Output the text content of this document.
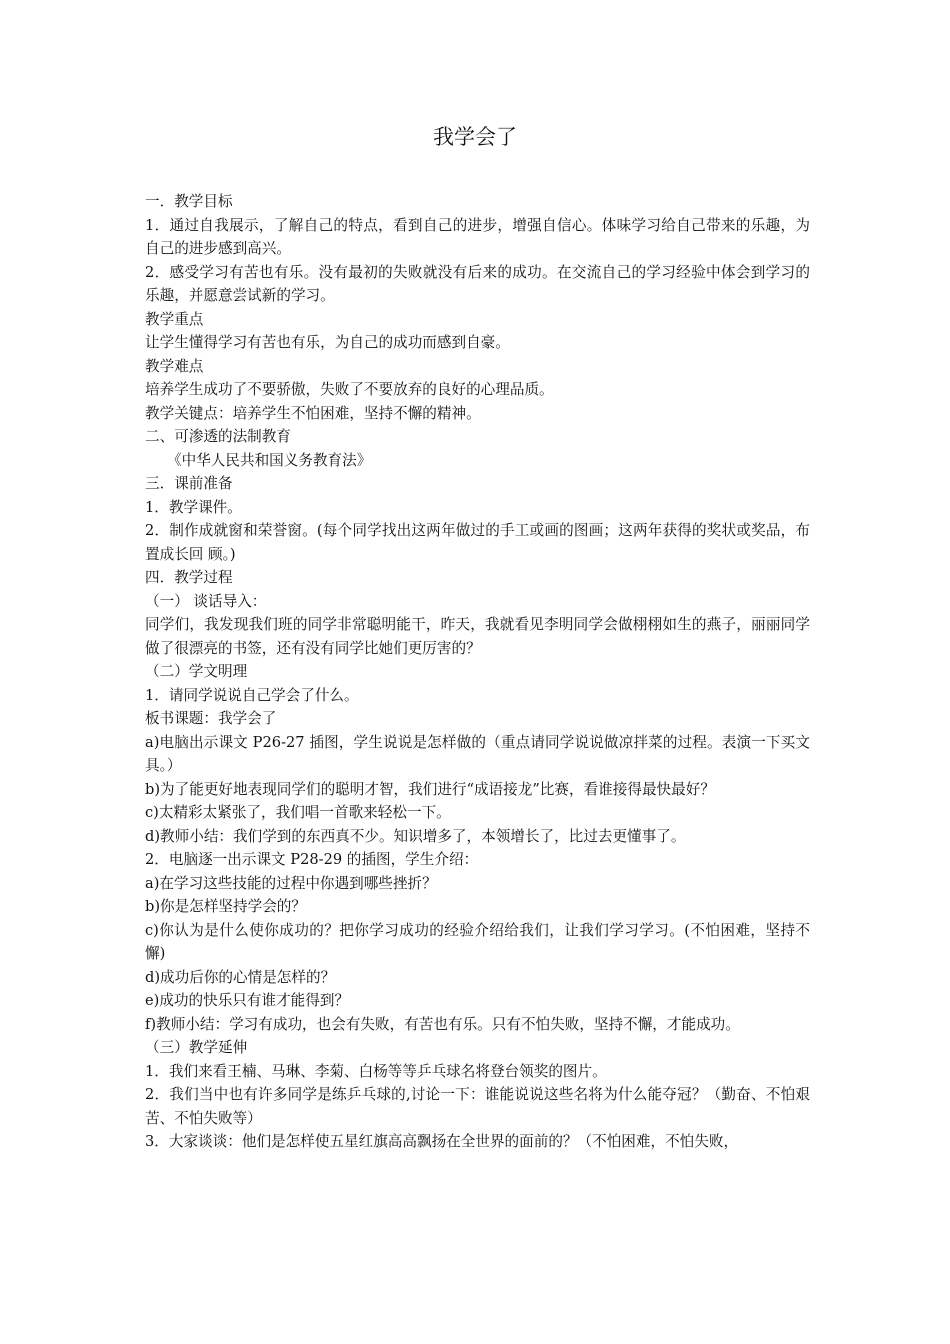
我学会了

一．教学目标

1．通过自我展示，了解自己的特点，看到自己的进步，增强自信心。体味学习给自己带来的乐趣，为自己的进步感到高兴。

2．感受学习有苦也有乐。没有最初的失败就没有后来的成功。在交流自己的学习经验中体会到学习的乐趣，并愿意尝试新的学习。

教学重点

让学生懂得学习有苦也有乐，为自己的成功而感到自豪。

教学难点

培养学生成功了不要骄傲，失败了不要放弃的良好的心理品质。

教学关键点：培养学生不怕困难，坚持不懈的精神。

二、可渗透的法制教育

《中华人民共和国义务教育法》

三．课前准备

1．教学课件。

2．制作成就窗和荣誉窗。(每个同学找出这两年做过的手工或画的图画；这两年获得的奖状或奖品，布置成长回 顾。)

四．教学过程

（一） 谈话导入：

同学们，我发现我们班的同学非常聪明能干，昨天，我就看见李明同学会做栩栩如生的燕子，丽丽同学做了很漂亮的书签，还有没有同学比她们更厉害的？

（二）学文明理

1．请同学说说自己学会了什么。

板书课题：我学会了

a)电脑出示课文 P26-27 插图，学生说说是怎样做的（重点请同学说说做凉拌菜的过程。表演一下买文具。）

b)为了能更好地表现同学们的聪明才智，我们进行“成语接龙”比赛，看谁接得最快最好？

c)太精彩太紧张了，我们唱一首歌来轻松一下。

d)教师小结：我们学到的东西真不少。知识增多了，本领增长了，比过去更懂事了。

2．电脑逐一出示课文 P28-29 的插图，学生介绍：

a)在学习这些技能的过程中你遇到哪些挫折？

b)你是怎样坚持学会的？

c)你认为是什么使你成功的？把你学习成功的经验介绍给我们，让我们学习学习。(不怕困难，坚持不懈)

d)成功后你的心情是怎样的？

e)成功的快乐只有谁才能得到？

f)教师小结：学习有成功，也会有失败，有苦也有乐。只有不怕失败，坚持不懈，才能成功。

（三）教学延伸

1．我们来看王楠、马琳、李菊、白杨等等乒乓球名将登台领奖的图片。

2．我们当中也有许多同学是练乒乓球的,讨论一下：谁能说说这些名将为什么能夺冠？（勤奋、不怕艰苦、不怕失败等）

3．大家谈谈：他们是怎样使五星红旗高高飘扬在全世界的面前的？（不怕困难，不怕失败，
